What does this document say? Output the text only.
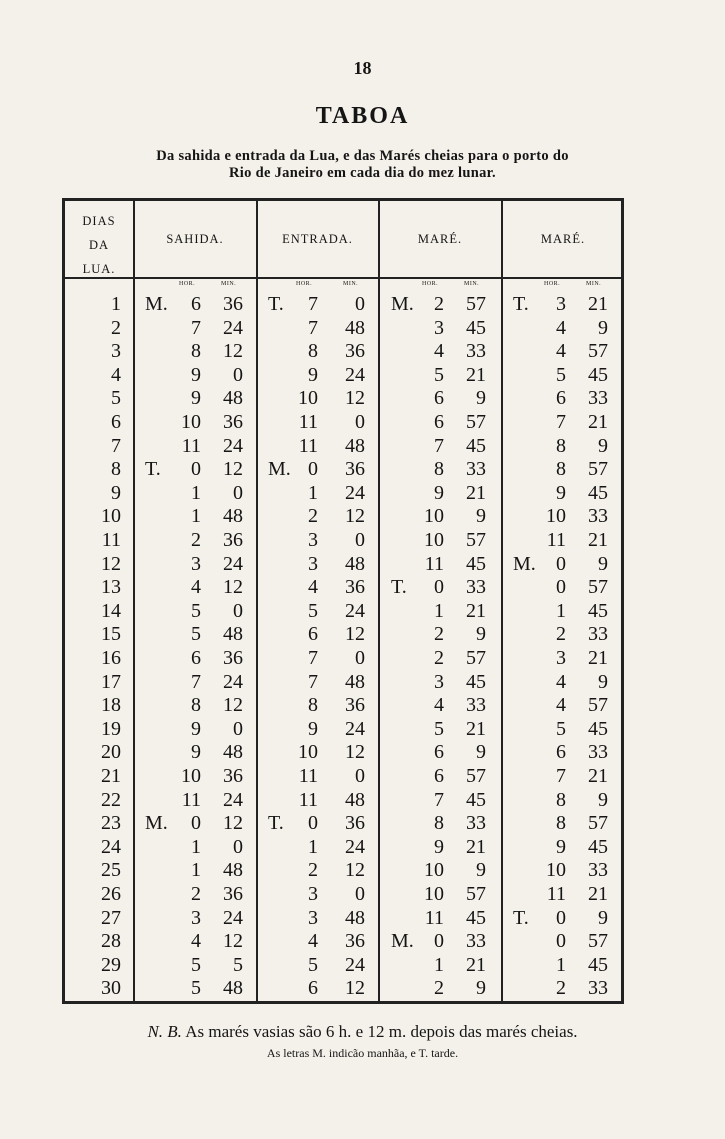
18
TABOA
Da sahida e entrada da Lua, e das Marés cheias para o porto do
Rio de Janeiro em cada dia do mez lunar.
DIAS
DA
LUA.
SAHIDA.	ENTRADA.	MARÉ.	MARÉ.
HOR.	MIN.	HOR.	MIN.	HOR.	MIN.	HOR.	MIN.
1 M.	6	36 T.	7	0 M.	2	57 T.	3	21
2	7	24	7	48	3	45	4	9
3	8	12	8	36	4	33	4	57
4	9	0	9	24	5	21	5	45
5	9	48	10	12	6	9	6	33
6	10	36	11	0	6	57	7	21
7	11	24	11	48	7	45	8	9
8 T.	0	12 M. 0	36	8	33	8	57
9	1	0	1	24	9	21	9	45
10	1	48	2	12	10	9	10	33
11	2	36	3	0	10	57	11	21
12	3	24	3	48	11	45 M.	0	9
13	4	12	4	36 T.	0	33	0	57
14	5	0	5	24	1	21	1	45
15	5	48	6	12	2	9	2	33
16	6	36	7	0	2	57	3	21
17	7	24	7	48	3	45	4	9
18	8	12	8	36	4	33	4	57
19	9	0	9	24	5	21	5	45
20	9	48	10	12	6	9	6	33
21	10	36	11	0	6	57	7	21
22	11	24	11	48	7	45	8	9
23 M.	0	12 T.	0	36	8	33	8	57
24	1	0	1	24	9	21	9	45
25	1	48	2	12	10	9	10	33
26	2	36	3	0	10	57	11	21
27	3	24	3	48	11	45 T.	0	9
28	4	12	4	36 M.	0	33	0	57
29	5	5	5	24	1	21	1	45
30	5	48	6	12	2	9	2	33
N. B. As marés vasias são 6 h. e 12 m. depois das marés cheias.
As letras M. indicão manhãa, e T. tarde.
